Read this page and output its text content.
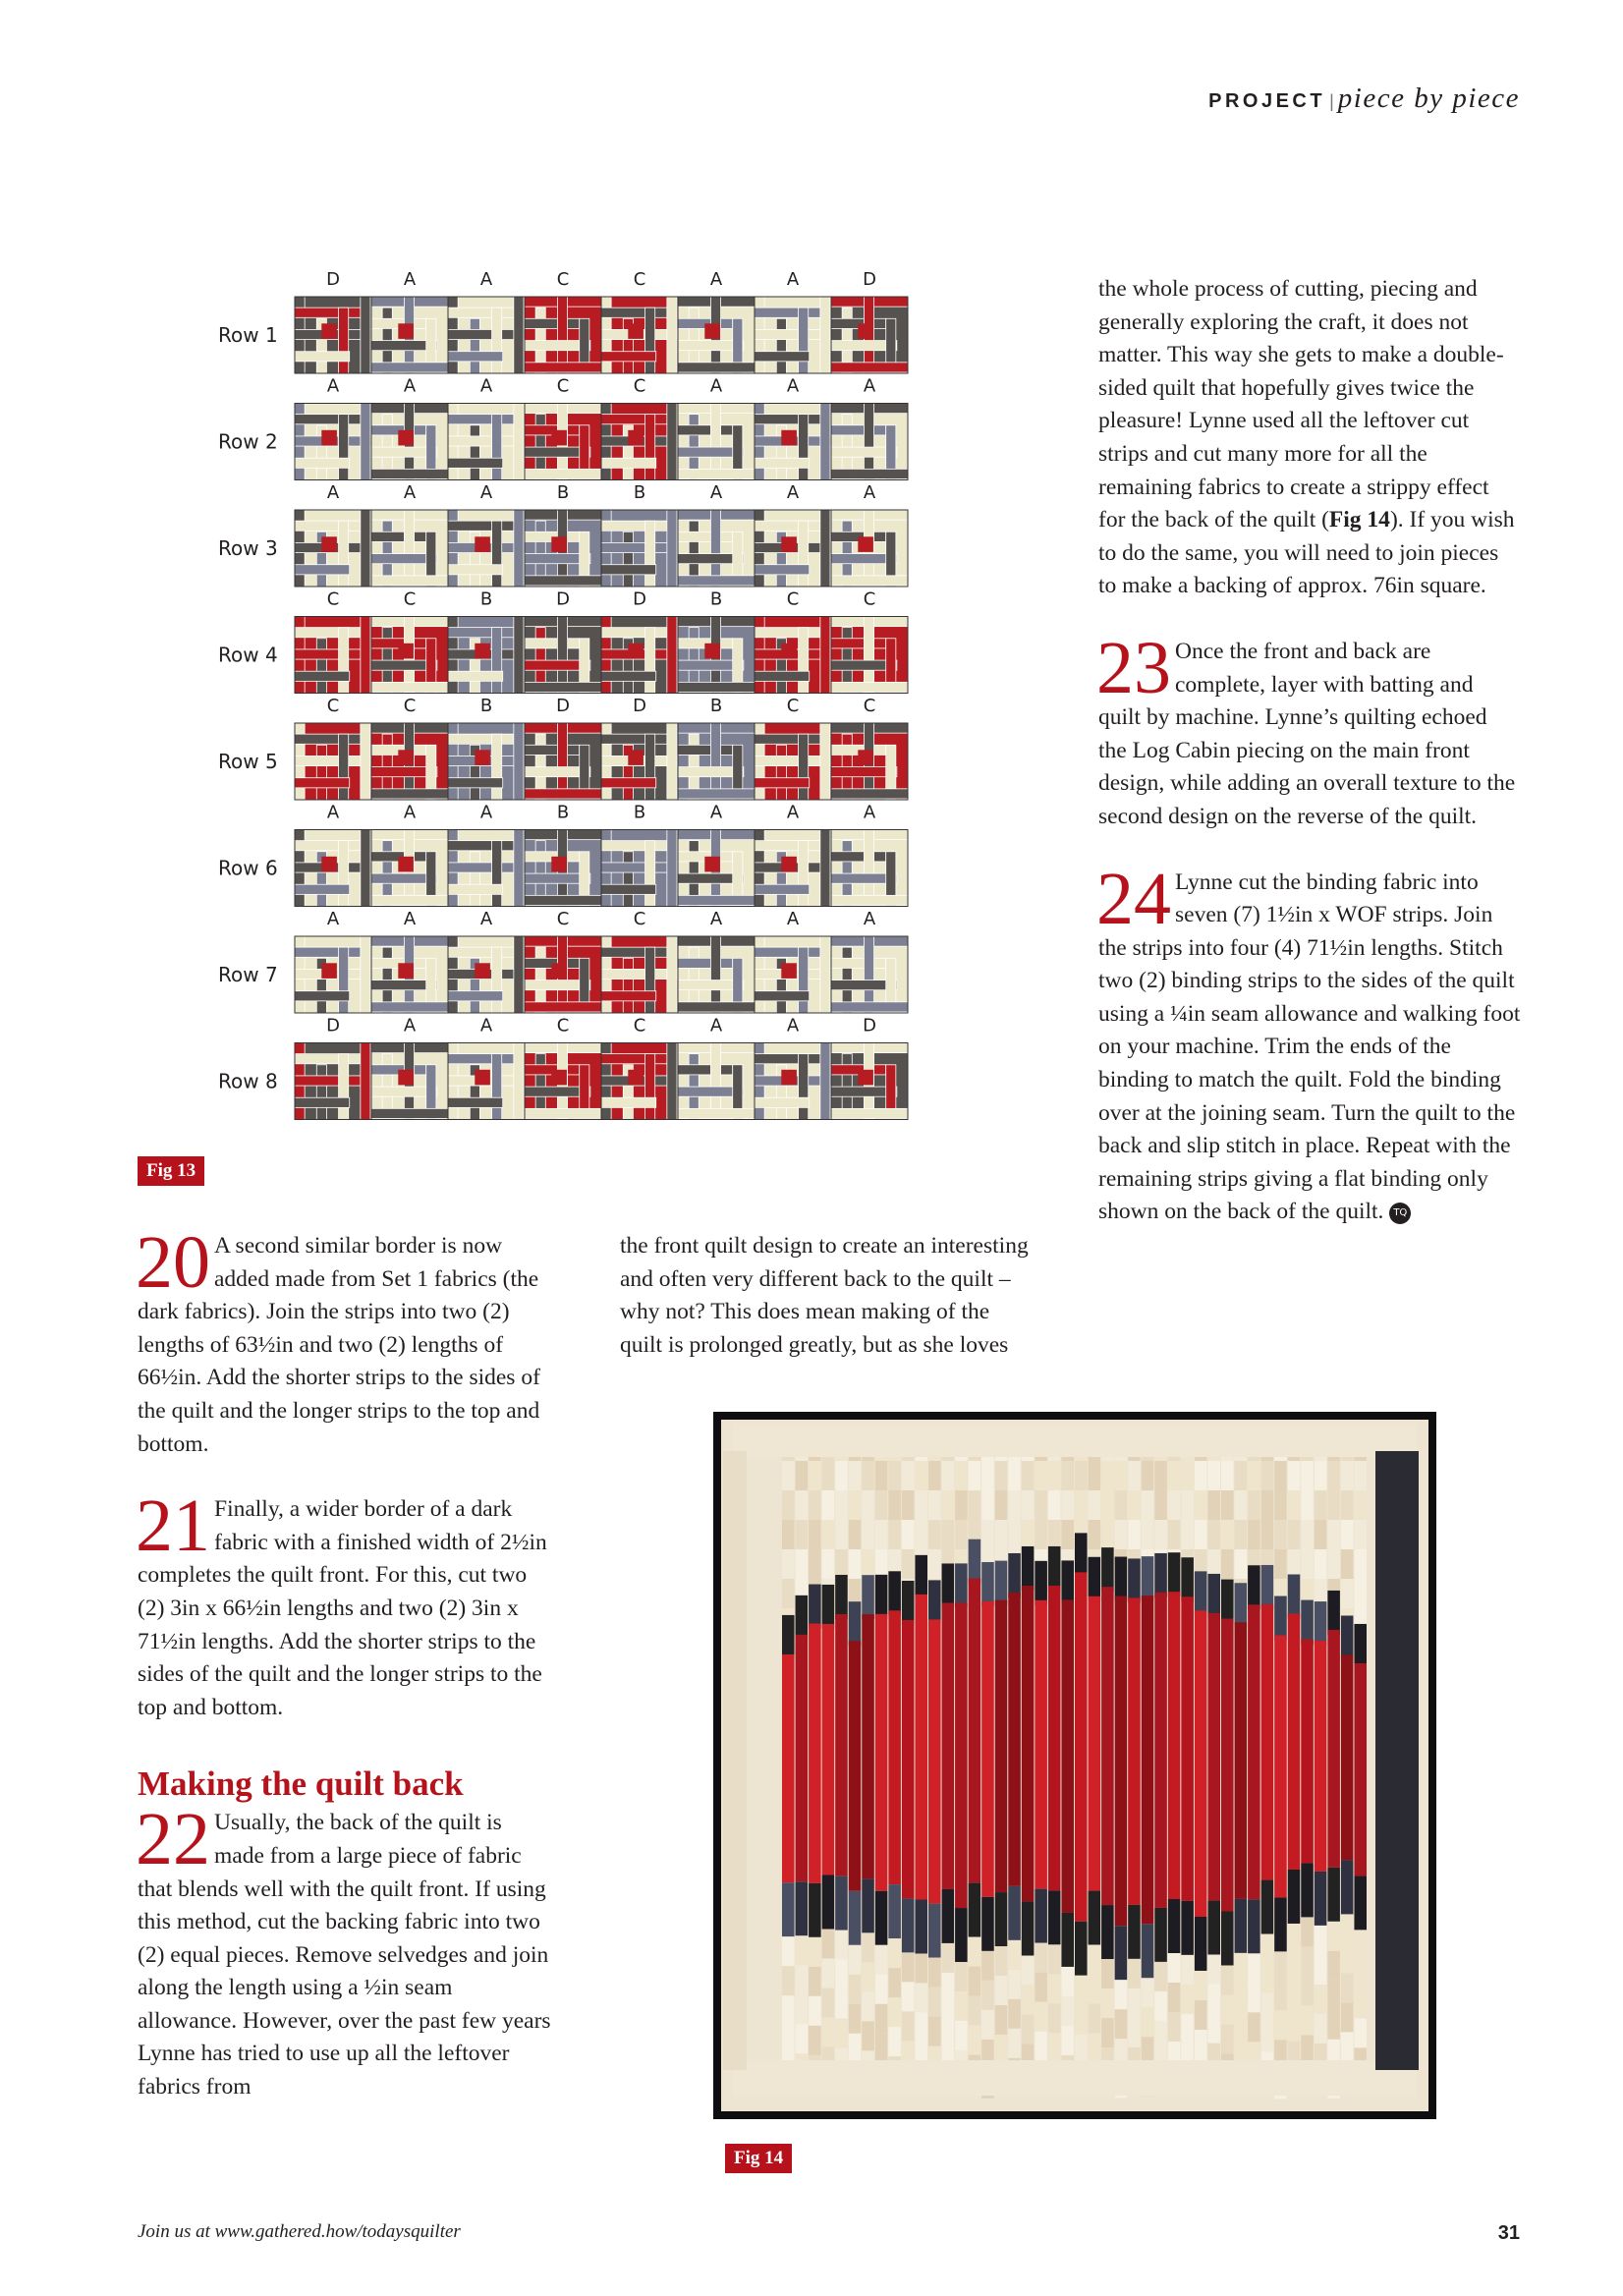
PROJECT | piece by piece
Row 1
D	A	A	C	C	A	A	D
Row 2
A	A	A	C	C	A	A	A
Row 3
A	A	A	B	B	A	A	A
Row 4
C	C	B	D	D	B	C	C
Row 5
C	C	B	D	D	B	C	C
Row 6
A	A	A	B	B	A	A	A
Row 7
A	A	A	C	C	A	A	A
Row 8
D	A	A	C	C	A	A	D
Fig 13

20 A second similar border is now added made from Set 1 fabrics (the dark fabrics). Join the strips into two (2) lengths of 63½in and two (2) lengths of 66½in. Add the shorter strips to the sides of the quilt and the longer strips to the top and bottom.

21 Finally, a wider border of a dark fabric with a finished width of 2½in completes the quilt front. For this, cut two (2) 3in x 66½in lengths and two (2) 3in x 71½in lengths. Add the shorter strips to the sides of the quilt and the longer strips to the top and bottom.

Making the quilt back

22 Usually, the back of the quilt is made from a large piece of fabric that blends well with the quilt front. If using this method, cut the backing fabric into two (2) equal pieces. Remove selvedges and join along the length using a ½in seam allowance. However, over the past few years Lynne has tried to use up all the leftover fabrics from

the front quilt design to create an interesting and often very different back to the quilt – why not? This does mean making of the quilt is prolonged greatly, but as she loves

the whole process of cutting, piecing and generally exploring the craft, it does not matter. This way she gets to make a double-sided quilt that hopefully gives twice the pleasure! Lynne used all the leftover cut strips and cut many more for all the remaining fabrics to create a strippy effect for the back of the quilt (Fig 14). If you wish to do the same, you will need to join pieces to make a backing of approx. 76in square.

23 Once the front and back are complete, layer with batting and quilt by machine. Lynne’s quilting echoed the Log Cabin piecing on the main front design, while adding an overall texture to the second design on the reverse of the quilt.

24 Lynne cut the binding fabric into seven (7) 1½in x WOF strips. Join the strips into four (4) 71½in lengths. Stitch two (2) binding strips to the sides of the quilt using a ¼in seam allowance and walking foot on your machine. Trim the ends of the binding to match the quilt. Fold the binding over at the joining seam. Turn the quilt to the back and slip stitch in place. Repeat with the remaining strips giving a flat binding only shown on the back of the quilt. TQ

Fig 14
Join us at www.gathered.how/todaysquilter	31
